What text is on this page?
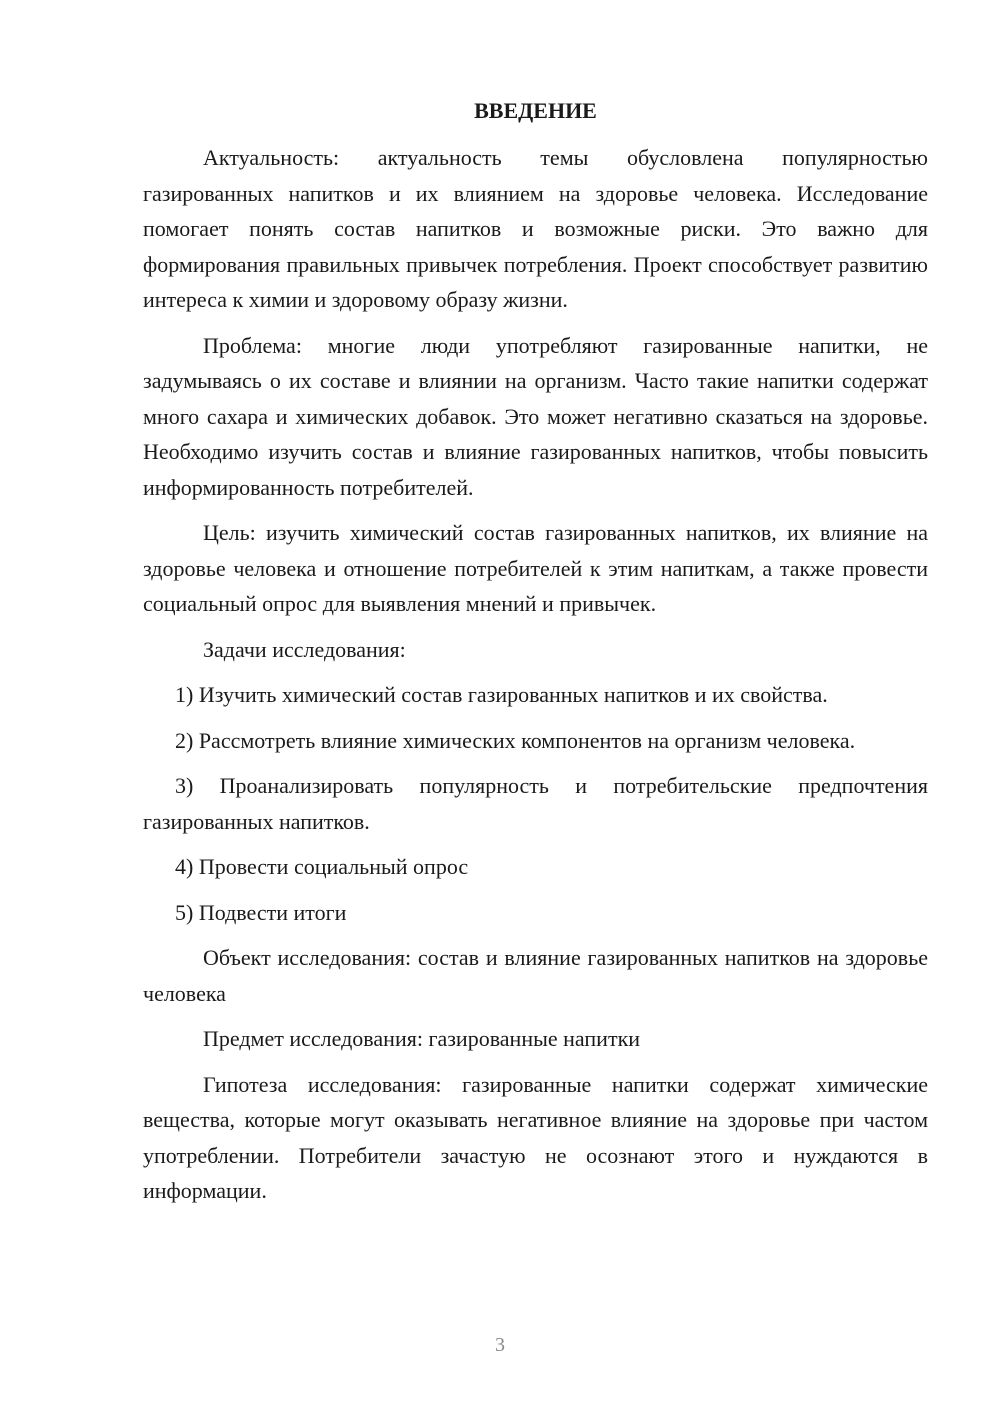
ВВЕДЕНИЕ

Актуальность: актуальность темы обусловлена популярностью газированных напитков и их влиянием на здоровье человека. Исследование помогает понять состав напитков и возможные риски. Это важно для формирования правильных привычек потребления. Проект способствует развитию интереса к химии и здоровому образу жизни.

Проблема: многие люди употребляют газированные напитки, не задумываясь о их составе и влиянии на организм. Часто такие напитки содержат много сахара и химических добавок. Это может негативно сказаться на здоровье. Необходимо изучить состав и влияние газированных напитков, чтобы повысить информированность потребителей.

Цель: изучить химический состав газированных напитков, их влияние на здоровье человека и отношение потребителей к этим напиткам, а также провести социальный опрос для выявления мнений и привычек.

Задачи исследования:

1) Изучить химический состав газированных напитков и их свойства.

2) Рассмотреть влияние химических компонентов на организм человека.

3) Проанализировать популярность и потребительские предпочтения газированных напитков.

4) Провести социальный опрос

5) Подвести итоги

Объект исследования: состав и влияние газированных напитков на здоровье человека

Предмет исследования: газированные напитки

Гипотеза исследования: газированные напитки содержат химические вещества, которые могут оказывать негативное влияние на здоровье при частом употреблении. Потребители зачастую не осознают этого и нуждаются в информации.

3
